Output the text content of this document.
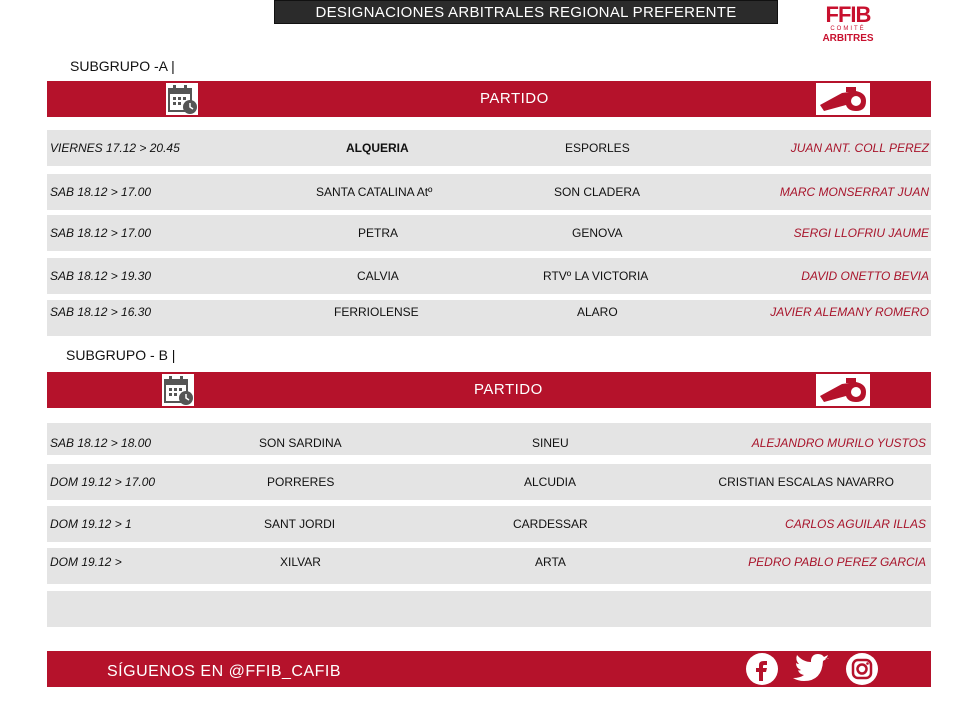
DESIGNACIONES ARBITRALES REGIONAL PREFERENTE	FFIB
COMITÉ
ARBITRES
SUBGRUPO -A |
PARTIDO
VIERNES 17.12 > 20.45	ALQUERIA	ESPORLES	JUAN ANT. COLL PEREZ
SAB 18.12 > 17.00	SANTA CATALINA Atº	SON CLADERA	MARC MONSERRAT JUAN
SAB 18.12 > 17.00	PETRA	GENOVA	SERGI LLOFRIU JAUME
SAB 18.12 > 19.30	CALVIA	RTVº LA VICTORIA	DAVID ONETTO BEVIA
SAB 18.12 > 16.30	FERRIOLENSE	ALARO	JAVIER ALEMANY ROMERO
SUBGRUPO - B |
PARTIDO
SAB 18.12 > 18.00	SON SARDINA	SINEU	ALEJANDRO MURILO YUSTOS
DOM 19.12 > 17.00	PORRERES	ALCUDIA	CRISTIAN ESCALAS NAVARRO
DOM 19.12 > 1	SANT JORDI	CARDESSAR	CARLOS AGUILAR ILLAS
DOM 19.12 >	XILVAR	ARTA	PEDRO PABLO PEREZ GARCIA
SÍGUENOS EN @FFIB_CAFIB
